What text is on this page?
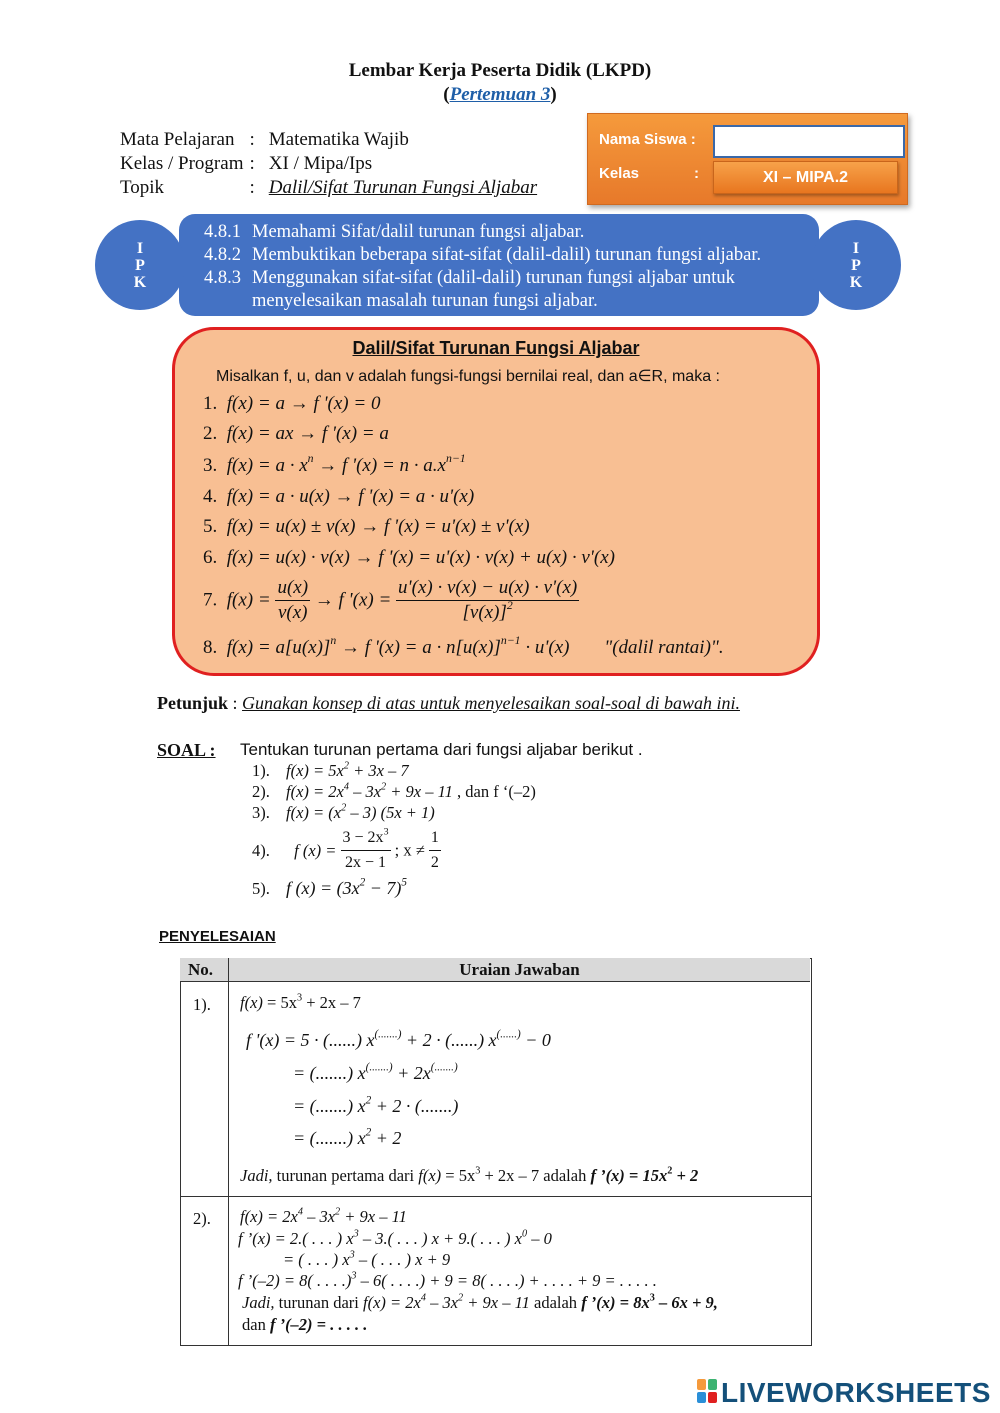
Lembar Kerja Peserta Didik (LKPD)
(Pertemuan 3)
Mata Pelajaran	:	Matematika Wajib
Kelas / Program	:	XI / Mipa/Ips
Topik	:	Dalil/Sifat Turunan Fungsi Aljabar
Nama Siswa :
Kelas	:	XI – MIPA.2
I
P
K
I
P
K
4.8.1 Memahami Sifat/dalil turunan fungsi aljabar.
4.8.2 Membuktikan beberapa sifat-sifat (dalil-dalil) turunan fungsi aljabar.
4.8.3 Menggunakan sifat-sifat (dalil-dalil) turunan fungsi aljabar untuk menyelesaikan masalah turunan fungsi aljabar.
Dalil/Sifat Turunan Fungsi Aljabar
Misalkan f, u, dan v adalah fungsi-fungsi bernilai real, dan a∈R, maka :
1. f(x) = a → f '(x) = 0
2. f(x) = ax → f '(x) = a
3. $f(x) = a \cdot x^n \to f$ '$(x) = n \cdot a.x^{n-1}$
4. f(x) = a · u(x) → f '(x) = a · u'(x)
5. f(x) = u(x) ± v(x) → f '(x) = u'(x) ± v'(x)
6. f(x) = u(x) · v(x) → f '(x) = u'(x) · v(x) + u(x) · v'(x)
7. $f(x) = \frac{u(x)}{v(x)} \to f$ '$(x) = \frac{u'(x) \cdot v(x) - u(x) \cdot v'(x)}{[v(x)]^2}$
8. $f(x) = a[u(x)]^n \to f$ '$(x) = a \cdot n[u(x)]^{n-1} \cdot u'(x)$ "(dalil rantai)".
Petunjuk : Gunakan konsep di atas untuk menyelesaikan soal-soal di bawah ini.
SOAL : Tentukan turunan pertama dari fungsi aljabar berikut .
1). $f(x) = 5x^2 + 3x - 7$
2). $f(x) = 2x^4 - 3x^2 + 9x - 11$ , dan f ‘(–2)
3). $f(x) = (x^2 - 3) (5x + 1)$
4). f $(x) = \frac{3 - 2x^3}{2x - 1}$ ; $x \ne \frac{1}{2}$
5). f $(x) = (3x^2 - 7)^5$
PENYELESAIAN
No.	Uraian Jawaban
1). $f(x) = 5x^3 + 2x - 7$
f '(x) = 5 · (......) x(.......) + 2 · (......) x(......) − 0
= (.......) x(.......) + 2x(.......)
= (.......) $x^2 + 2$ · (.......)
= (.......) $x^2 + 2$
Jadi, turunan pertama dari $f(x) = 5x^3 + 2x - 7$ adalah f ’(x) = $15x^2 + 2$
2). $f(x) = 2x^4 - 3x^2 + 9x - 11$
f ’(x) = 2.( . . . ) $x^3 - 3$.( . . . ) x + 9.( . . . ) $x^0 - 0$
= ( . . . ) $x^3$ – ( . . . ) x + 9
f ’(–2) = 8( . . . .)$^3$ – 6( . . . .) + 9 = 8( . . . .) + . . . . + 9 = . . . . .
Jadi, turunan dari $f(x) = 2x^4 - 3x^2 + 9x - 11$ adalah f ’(x) = $8x^3 - 6x + 9$,
dan f ’(–2) = . . . . .
LIVEWORKSHEETS
